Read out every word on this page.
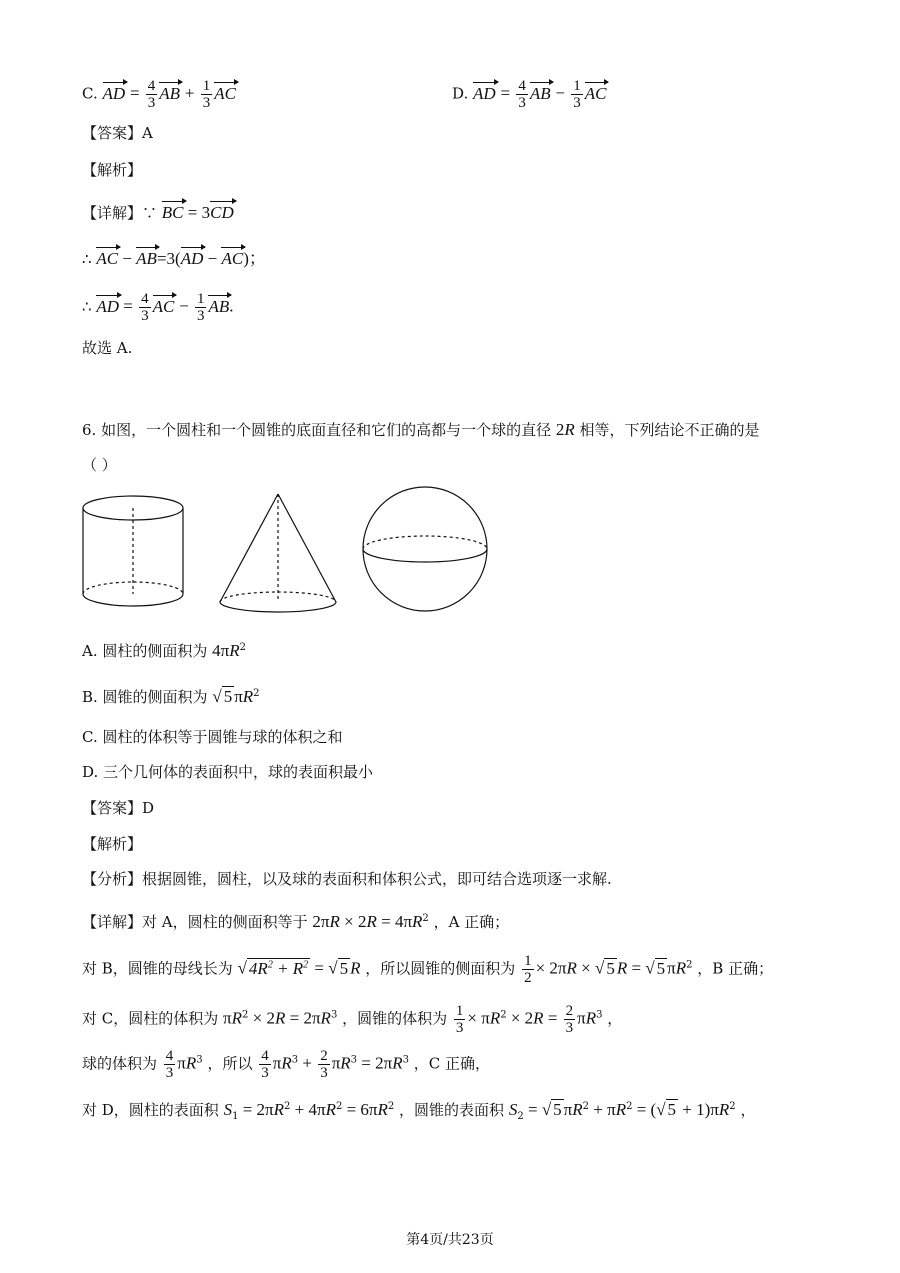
C. AD = $\frac{4}{3}$ AB + $\frac{1}{3}$ AC	D. AD = $\frac{4}{3}$ AB − $\frac{1}{3}$ AC
【答案】A
【解析】
【详解】∵ BC = 3CD
∴ AC − AB=3(AD − AC)；
∴ AD = $\frac{4}{3}$ AC − $\frac{1}{3}$ AB.
故选 A.
6. 如图，一个圆柱和一个圆锥的底面直径和它们的高都与一个球的直径 2R 相等，下列结论不正确的是
（ ）
A. 圆柱的侧面积为 $4\pi R^2$
B. 圆锥的侧面积为 √ 5 $\pi R^2$
C. 圆柱的体积等于圆锥与球的体积之和
D. 三个几何体的表面积中，球的表面积最小
【答案】D
【解析】
【分析】根据圆锥，圆柱，以及球的表面积和体积公式，即可结合选项逐一求解.
【详解】对 A，圆柱的侧面积等于 $2\pi R \times 2R = 4\pi R^2$ ，A 正确；
对 B，圆锥的母线长为 √ $4R^2 + R^2$ = √ 5 R ，所以圆锥的侧面积为 $\frac{1}{2} \times 2\pi R$ × √ 5 R = √ 5 $\pi R^2$ ，B 正确；
对 C，圆柱的体积为 $\pi R^2 \times 2R = 2\pi R^3$ ，圆锥的体积为 $\frac{1}{3} \times \pi R^2 \times 2R = \frac{2}{3} \pi R^3$ ，
球的体积为 $\frac{4}{3} \pi R^3$ ，所以 $\frac{4}{3} \pi R^3 + \frac{2}{3} \pi R^3 = 2\pi R^3$ ，C 正确，
对 D，圆柱的表面积 $S_1 = 2\pi R^2 + 4\pi R^2 = 6\pi R^2$ ，圆锥的表面积 $S_2$ = √ 5 $\pi R^2 + \pi R^2$ = (√ $5 + 1)\pi R^2$ ，
第4页/共23页
